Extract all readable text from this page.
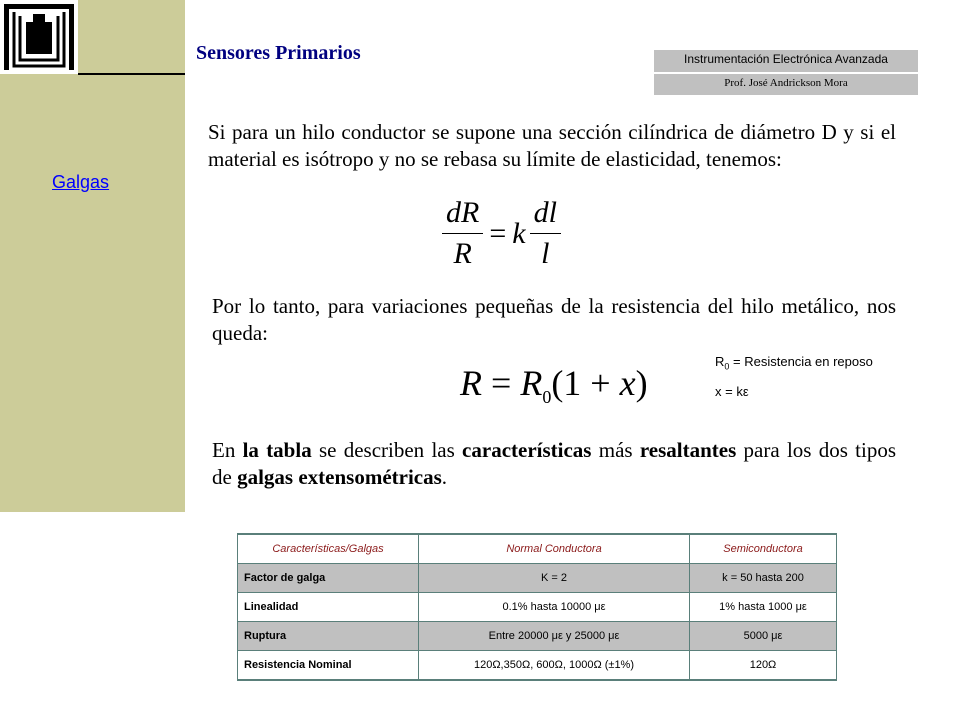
Sensores Primarios	Instrumentación Electrónica Avanzada
Prof. José Andrickson Mora
Galgas
Si para un hilo conductor se supone una sección cilíndrica de diámetro D y si el material es isótropo y no se rebasa su límite de elasticidad, tenemos:
$\frac{dR}{R} = k \frac{dl}{l}$
Por lo tanto, para variaciones pequeñas de la resistencia del hilo metálico, nos queda:
$R = R_0(1 + x)$
$R_0$ = Resistencia en reposo
x = kε
En la tabla se describen las características más resaltantes para los dos tipos de galgas extensométricas.
Características/Galgas	Normal Conductora	Semiconductora
Factor de galga	K = 2	k = 50 hasta 200
Linealidad	0.1% hasta 10000 με	1% hasta 1000 με
Ruptura	Entre 20000 με y 25000 με	5000 με
Resistencia Nominal	120Ω,350Ω, 600Ω, 1000Ω (±1%)	120Ω
